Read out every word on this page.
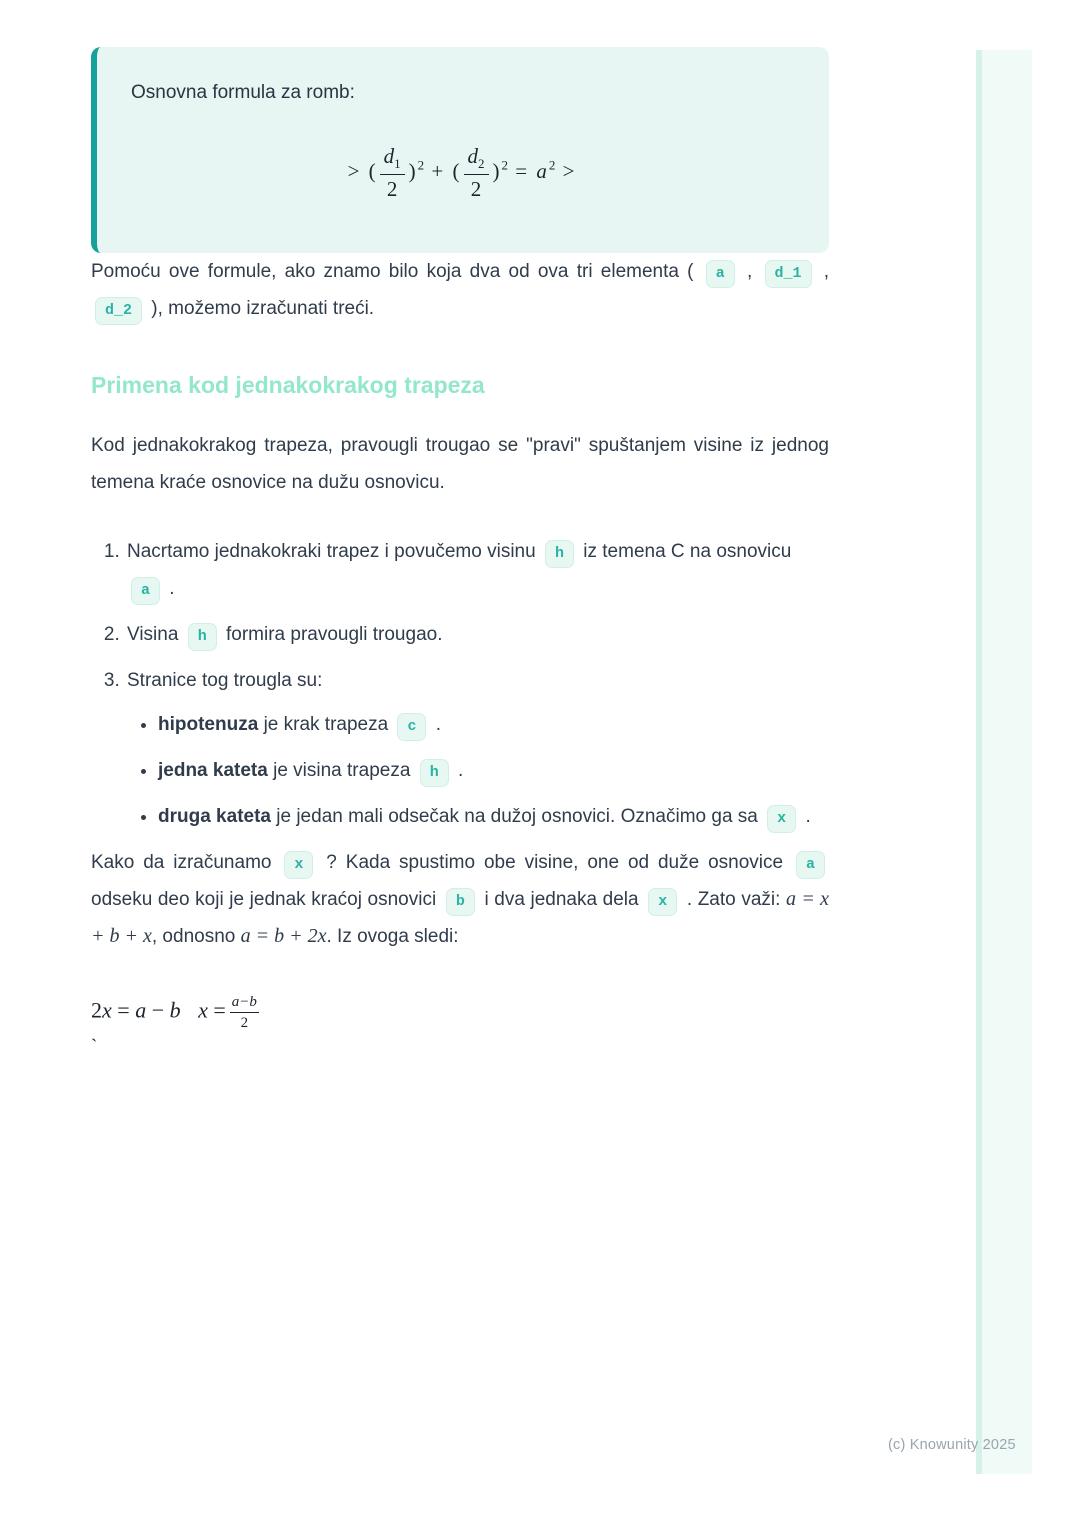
Osnovna formula za romb:
> ( $\frac{d_1}{2}$ ) $^2$ + ( $\frac{d_2}{2}$ ) $^2$ = a $^2$ >

Pomoću ove formule, ako znamo bilo koja dva od ova tri elementa ( a , d_1 , d_2 ), možemo izračunati treći.

Primena kod jednakokrakog trapeza

Kod jednakokrakog trapeza, pravougli trougao se "pravi" spuštanjem visine iz jednog temena kraće osnovice na dužu osnovicu.

1. Nacrtamo jednakokraki trapez i povučemo visinu h iz temena C na osnovicu a .
2. Visina h formira pravougli trougao.
3. Stranice tog trougla su:
• hipotenuza je krak trapeza c .
• jedna kateta je visina trapeza h .
• druga kateta je jedan mali odsečak na dužoj osnovici. Označimo ga sa x .

Kako da izračunamo x ? Kada spustimo obe visine, one od duže osnovice a odseku deo koji je jednak kraćoj osnovici b i dva jednaka dela x . Zato važi: a = x + b + x, odnosno a = b + 2x. Iz ovoga sledi:

2x = a − b $x = \frac{a-b}{2}$
`
(c) Knowunity 2025
